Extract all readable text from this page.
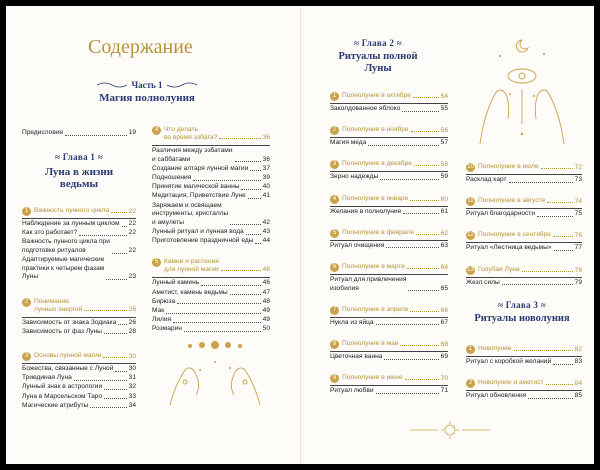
Содержание
Часть 1
Магия полнолуния
Предисловие	19
≈ Глава 1 ≈
Луна в жизни
ведьмы
1 Важность лунного цикла	22
Наблюдение за лунным циклом 22
Как это работает?	22
Важность лунного цикла при
подготовке ритуалов	22
Адаптируемые магические
практики к четырем фазам
Луны	23
2 Понимание
лунных энергий	26
Зависимость от знака Зодиака 26
Зависимость от фаз Луны	28
3 Основы лунной магии	30
Божества, связанные с Луной 30
Триединая Луна	31
Лунный знак в астрологии	32
Луна в Марсельском Таро	33
Магические атрибуты	34
4 Что делать
во время эзбата?	36
Различия между эзбатами
и саббатами	36
Создание алтаря лунной магии 37
Подношения	39
Принятие магической ванны	40
Медитация, Приветствие Луне	41
Заряжаем и освящаем
инструменты, кристаллы
и амулеты	42
Лунный ритуал и лунная вода	43
Приготовление праздничной еды 44
5 Камни и растения
для лунной магии	46
Лунный камень	46
Аметист, камень ведьмы	47
Бирюза	48
Мак	49
Лилия	49
Розмарин	50
≈ Глава 2 ≈
Ритуалы полной
Луны
1 Полнолуние в октябре	54
Заколдованное яблоко	55
2 Полнолуние в ноябре	56
Магия меда	57
3 Полнолуние в декабре	58
Зерно надежды	59
4 Полнолуние в январе	60
Желания в полнолуние	61
5 Полнолуние в феврале	62
Ритуал очищения	63
6 Полнолуние в марте	64
Ритуал для привлечения
изобилия	65
7 Полнолуние в апреле	66
Нукла из яйца	67
8 Полнолуние в мае	68
Цветочная ванна	69
9 Полнолуние в июне	70
Ритуал любви	71
10 Полнолуние в июле	72
Расклад карт	73
11 Полнолуние в августе	74
Ритуал благодарности	75
12 Полнолуние в сентябре	76
Ритуал «Лестница ведьмы»	77
13 Голубая Луна	78
Жезл силы	79
≈ Глава 3 ≈
Ритуалы новолуния
1 Новолуние	82
Ритуал с коробкой желаний	83
2 Новолуние и аметист	84
Ритуал обновления	85
